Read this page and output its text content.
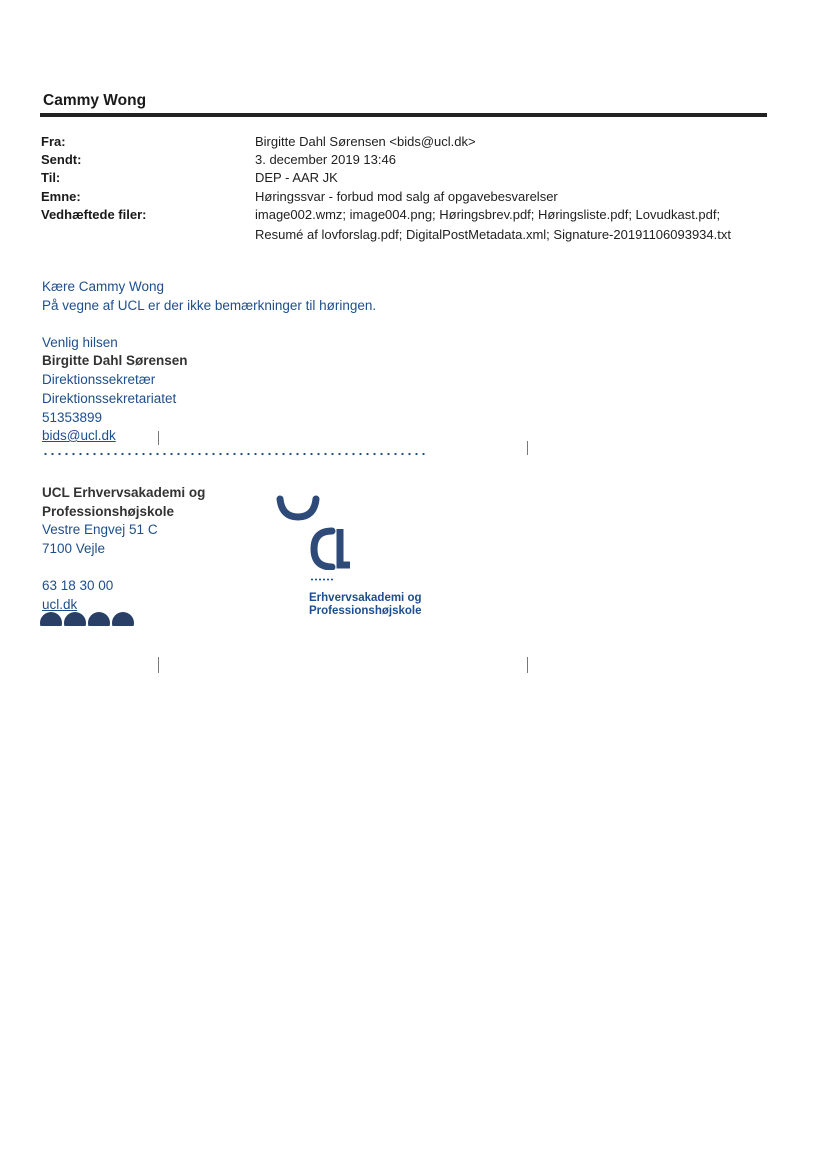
Cammy Wong
Fra:	Birgitte Dahl Sørensen <bids@ucl.dk>
Sendt:	3. december 2019 13:46
Til:	DEP - AAR JK
Emne:	Høringssvar - forbud mod salg af opgavebesvarelser
Vedhæftede filer:	image002.wmz; image004.png; Høringsbrev.pdf; Høringsliste.pdf; Lovudkast.pdf;
Resumé af lovforslag.pdf; DigitalPostMetadata.xml; Signature-20191106093934.txt
Kære Cammy Wong
På vegne af UCL er der ikke bemærkninger til høringen.
Venlig hilsen
Birgitte Dahl Sørensen
Direktionssekretær
Direktionssekretariatet
51353899
bids@ucl.dk
UCL Erhvervsakademi og
Professionshøjskole
Vestre Engvej 51 C
7100 Vejle
63 18 30 00
ucl.dk	Erhvervsakademi og
Professionshøjskole
